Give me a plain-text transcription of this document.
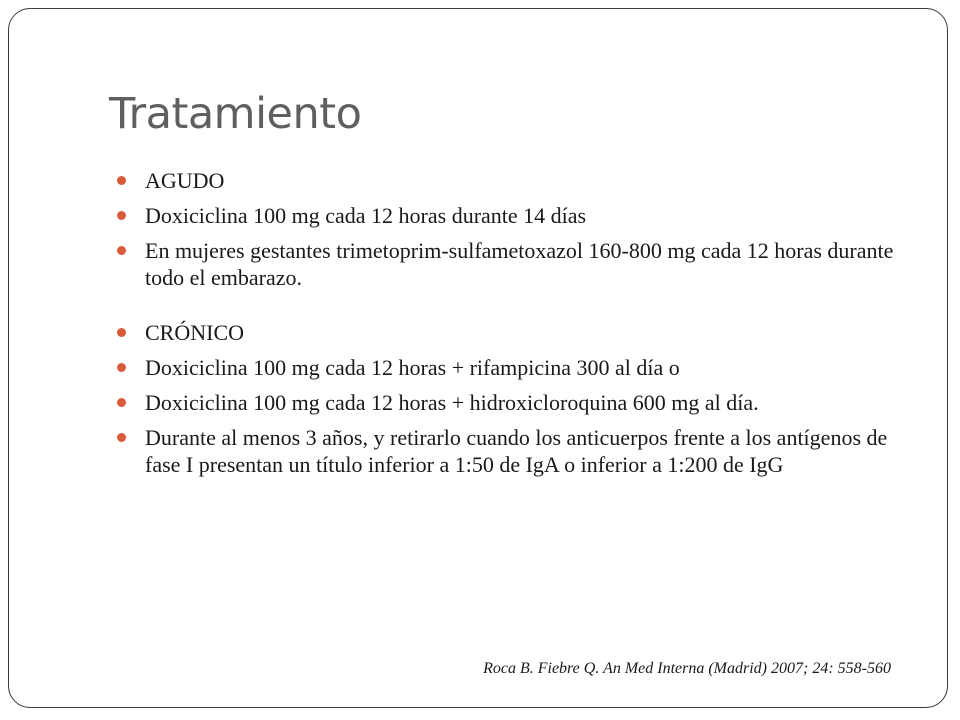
Tratamiento
AGUDO
Doxiciclina 100 mg cada 12 horas durante 14 días
En mujeres gestantes trimetoprim-sulfametoxazol 160-800 mg cada 12 horas durante todo el embarazo.
CRÓNICO
Doxiciclina 100 mg cada 12 horas + rifampicina 300 al día o
Doxiciclina 100 mg cada 12 horas + hidroxicloroquina 600 mg al día.
Durante al menos 3 años, y retirarlo cuando los anticuerpos frente a los antígenos de fase I presentan un título inferior a 1:50 de IgA o inferior a 1:200 de IgG
Roca B. Fiebre Q. An Med Interna (Madrid) 2007; 24: 558-560
